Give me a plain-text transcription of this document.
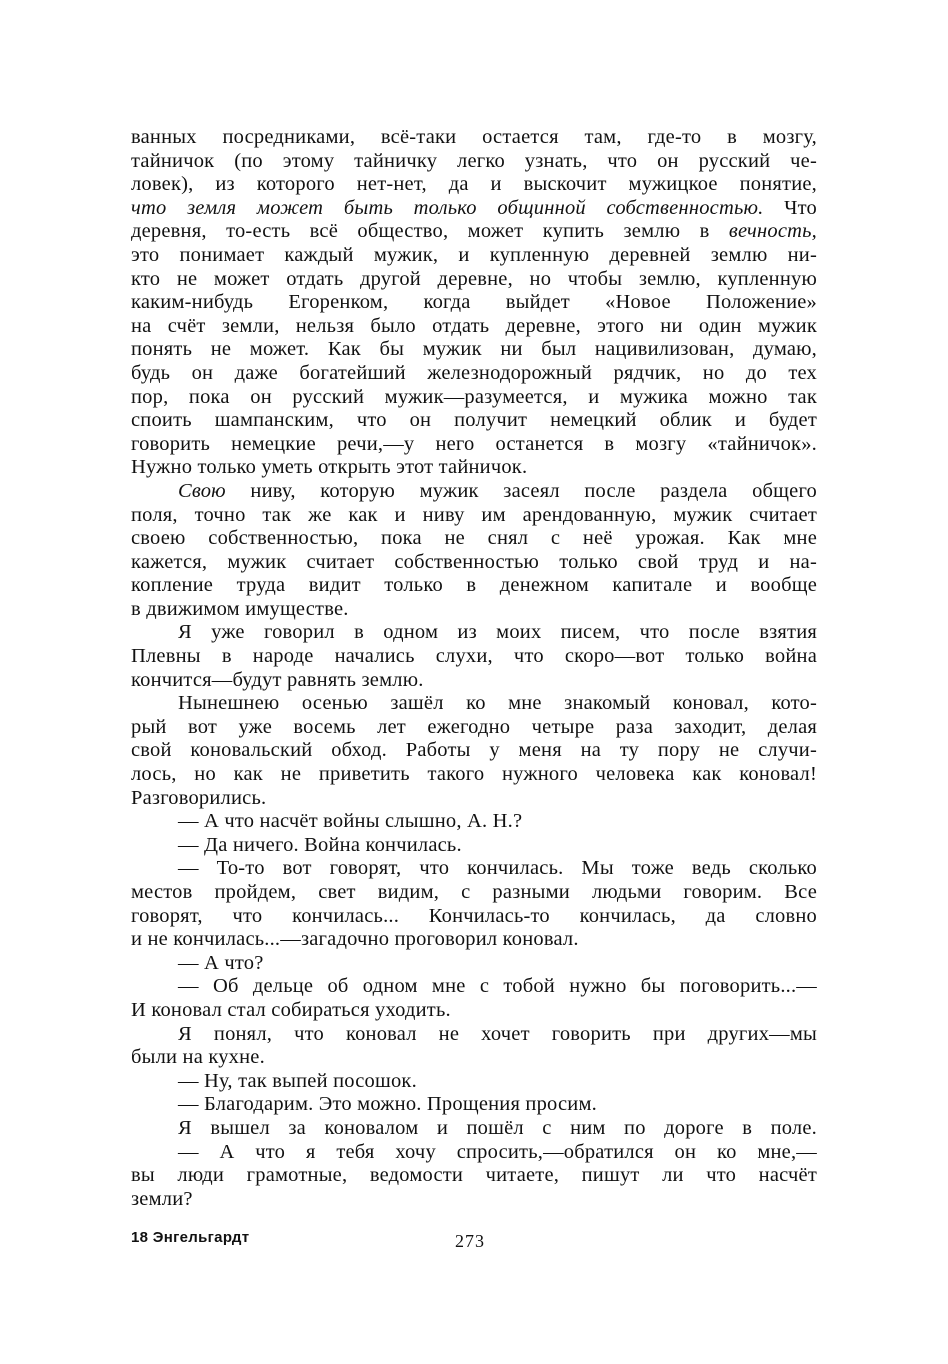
ванных посредниками, всё-таки остается там, где-то в мозгу,
тайничок (по этому тайничку легко узнать, что он русский че-
ловек), из которого нет-нет, да и выскочит мужицкое понятие,
что земля может быть только общинной собственностью. Что
деревня, то-есть всё общество, может купить землю в вечность,
это понимает каждый мужик, и купленную деревней землю ни-
кто не может отдать другой деревне, но чтобы землю, купленную
каким-нибудь Егоренком, когда выйдет «Новое Положение»
на счёт земли, нельзя было отдать деревне, этого ни один мужик
понять не может. Как бы мужик ни был нацивилизован, думаю,
будь он даже богатейший железнодорожный рядчик, но до тех
пор, пока он русский мужик—разумеется, и мужика можно так
споить шампанским, что он получит немецкий облик и будет
говорить немецкие речи,—у него останется в мозгу «тайничок».
Нужно только уметь открыть этот тайничок.
Свою ниву, которую мужик засеял после раздела общего
поля, точно так же как и ниву им арендованную, мужик считает
своею собственностью, пока не снял с неё урожая. Как мне
кажется, мужик считает собственностью только свой труд и на-
копление труда видит только в денежном капитале и вообще
в движимом имуществе.
Я уже говорил в одном из моих писем, что после взятия
Плевны в народе начались слухи, что скоро—вот только война
кончится—будут равнять землю.
Нынешнею осенью зашёл ко мне знакомый коновал, кото-
рый вот уже восемь лет ежегодно четыре раза заходит, делая
свой коновальский обход. Работы у меня на ту пору не случи-
лось, но как не приветить такого нужного человека как коновал!
Разговорились.
— А что насчёт войны слышно, А. Н.?
— Да ничего. Война кончилась.
— То-то вот говорят, что кончилась. Мы тоже ведь сколько
местов пройдем, свет видим, с разными людьми говорим. Все
говорят, что кончилась... Кончилась-то кончилась, да словно
и не кончилась...—загадочно проговорил коновал.
— А что?
— Об дельце об одном мне с тобой нужно бы поговорить...—
И коновал стал собираться уходить.
Я понял, что коновал не хочет говорить при других—мы
были на кухне.
— Ну, так выпей посошок.
— Благодарим. Это можно. Прощения просим.
Я вышел за коновалом и пошёл с ним по дороге в поле.
— А что я тебя хочу спросить,—обратился он ко мне,—
вы люди грамотные, ведомости читаете, пишут ли что насчёт
земли?
18 Энгельгардт	273
